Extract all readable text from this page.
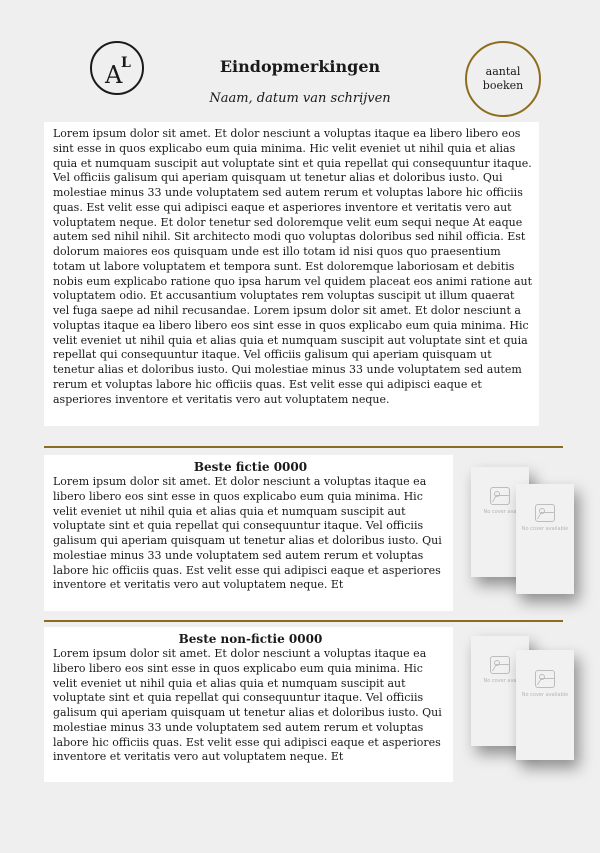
A
L	Eindopmerkingen
Naam, datum van schrijven
aantal
boeken
Lorem ipsum dolor sit amet. Et dolor nesciunt a voluptas itaque ea libero libero eos sint esse in quos explicabo eum quia minima. Hic velit eveniet ut nihil quia et alias quia et numquam suscipit aut voluptate sint et quia repellat qui consequuntur itaque. Vel officiis galisum qui aperiam quisquam ut tenetur alias et doloribus iusto. Qui molestiae minus 33 unde voluptatem sed autem rerum et voluptas labore hic officiis quas. Est velit esse qui adipisci eaque et asperiores inventore et veritatis vero aut voluptatem neque. Et dolor tenetur sed doloremque velit eum sequi neque At eaque autem sed nihil nihil. Sit architecto modi quo voluptas doloribus sed nihil officia. Est dolorum maiores eos quisquam unde est illo totam id nisi quos quo praesentium totam ut labore voluptatem et tempora sunt. Est doloremque laboriosam et debitis nobis eum explicabo ratione quo ipsa harum vel quidem placeat eos animi ratione aut voluptatem odio. Et accusantium voluptates rem voluptas suscipit ut illum quaerat vel fuga saepe ad nihil recusandae. Lorem ipsum dolor sit amet. Et dolor nesciunt a voluptas itaque ea libero libero eos sint esse in quos explicabo eum quia minima. Hic velit eveniet ut nihil quia et alias quia et numquam suscipit aut voluptate sint et quia repellat qui consequuntur itaque. Vel officiis galisum qui aperiam quisquam ut tenetur alias et doloribus iusto. Qui molestiae minus 33 unde voluptatem sed autem rerum et voluptas labore hic officiis quas. Est velit esse qui adipisci eaque et asperiores inventore et veritatis vero aut voluptatem neque.
Beste fictie 0000

Lorem ipsum dolor sit amet. Et dolor nesciunt a voluptas itaque ea libero libero eos sint esse in quos explicabo eum quia minima. Hic velit eveniet ut nihil quia et alias quia et numquam suscipit aut voluptate sint et quia repellat qui consequuntur itaque. Vel officiis galisum qui aperiam quisquam ut tenetur alias et doloribus iusto. Qui molestiae minus 33 unde voluptatem sed autem rerum et voluptas labore hic officiis quas. Est velit esse qui adipisci eaque et asperiores inventore et veritatis vero aut voluptatem neque. Et

No cover ava
No cover available
Beste non-fictie 0000

Lorem ipsum dolor sit amet. Et dolor nesciunt a voluptas itaque ea libero libero eos sint esse in quos explicabo eum quia minima. Hic velit eveniet ut nihil quia et alias quia et numquam suscipit aut voluptate sint et quia repellat qui consequuntur itaque. Vel officiis galisum qui aperiam quisquam ut tenetur alias et doloribus iusto. Qui molestiae minus 33 unde voluptatem sed autem rerum et voluptas labore hic officiis quas. Est velit esse qui adipisci eaque et asperiores inventore et veritatis vero aut voluptatem neque. Et

No cover ava
No cover available
